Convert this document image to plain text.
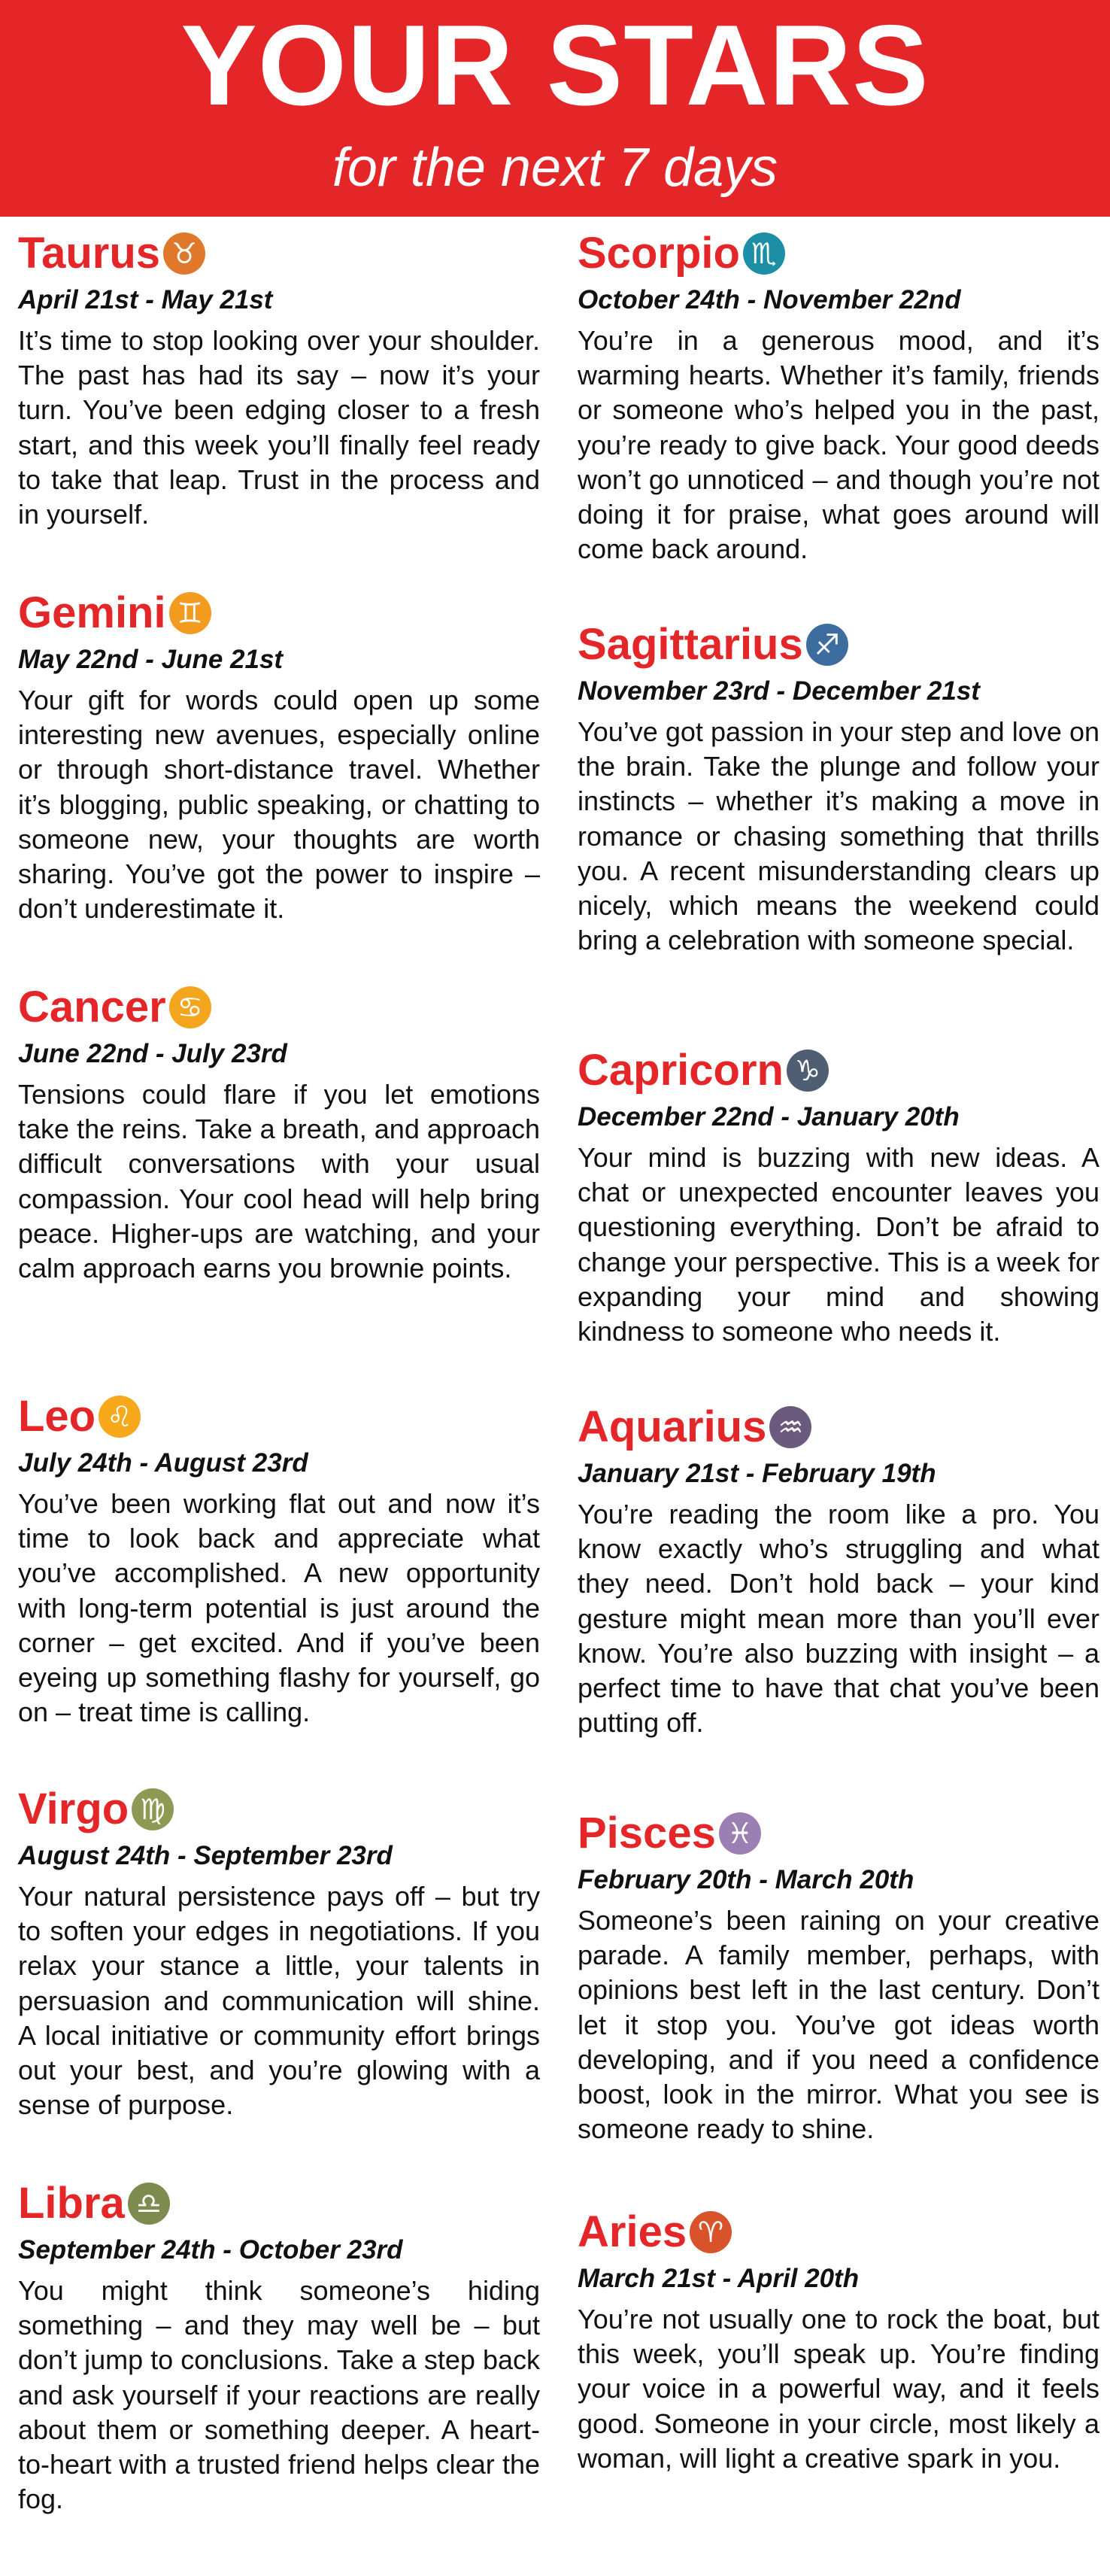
YOUR STARS
for the next 7 days
Taurus ♉
April 21st - May 21st
It’s time to stop looking over your shoulder. The past has had its say – now it’s your turn. You’ve been edging closer to a fresh start, and this week you’ll finally feel ready to take that leap. Trust in the process and in yourself.
Gemini ♊
May 22nd - June 21st
Your gift for words could open up some interesting new avenues, especially online or through short-distance travel. Whether it’s blogging, public speaking, or chatting to someone new, your thoughts are worth sharing. You’ve got the power to inspire – don’t underestimate it.
Cancer ♋
June 22nd - July 23rd
Tensions could flare if you let emotions take the reins. Take a breath, and approach difficult conversations with your usual compassion. Your cool head will help bring peace. Higher-ups are watching, and your calm approach earns you brownie points.
Leo ♌
July 24th - August 23rd
You’ve been working flat out and now it’s time to look back and appreciate what you’ve accomplished. A new opportunity with long-term potential is just around the corner – get excited. And if you’ve been eyeing up something flashy for yourself, go on – treat time is calling.
Virgo ♍
August 24th - September 23rd
Your natural persistence pays off – but try to soften your edges in negotiations. If you relax your stance a little, your talents in persuasion and communication will shine. A local initiative or community effort brings out your best, and you’re glowing with a sense of purpose.
Libra ♎
September 24th - October 23rd
You might think someone’s hiding something – and they may well be – but don’t jump to conclusions. Take a step back and ask yourself if your reactions are really about them or something deeper. A heart-to-heart with a trusted friend helps clear the fog.
Scorpio ♏
October 24th - November 22nd
You’re in a generous mood, and it’s warming hearts. Whether it’s family, friends or someone who’s helped you in the past, you’re ready to give back. Your good deeds won’t go unnoticed – and though you’re not doing it for praise, what goes around will come back around.
Sagittarius ♐
November 23rd - December 21st
You’ve got passion in your step and love on the brain. Take the plunge and follow your instincts – whether it’s making a move in romance or chasing something that thrills you. A recent misunderstanding clears up nicely, which means the weekend could bring a celebration with someone special.
Capricorn ♑
December 22nd - January 20th
Your mind is buzzing with new ideas. A chat or unexpected encounter leaves you questioning everything. Don’t be afraid to change your perspective. This is a week for expanding your mind and showing kindness to someone who needs it.
Aquarius ♒
January 21st - February 19th
You’re reading the room like a pro. You know exactly who’s struggling and what they need. Don’t hold back – your kind gesture might mean more than you’ll ever know. You’re also buzzing with insight – a perfect time to have that chat you’ve been putting off.
Pisces ♓
February 20th - March 20th
Someone’s been raining on your creative parade. A family member, perhaps, with opinions best left in the last century. Don’t let it stop you. You’ve got ideas worth developing, and if you need a confidence boost, look in the mirror. What you see is someone ready to shine.
Aries ♈
March 21st - April 20th
You’re not usually one to rock the boat, but this week, you’ll speak up. You’re finding your voice in a powerful way, and it feels good. Someone in your circle, most likely a woman, will light a creative spark in you.
